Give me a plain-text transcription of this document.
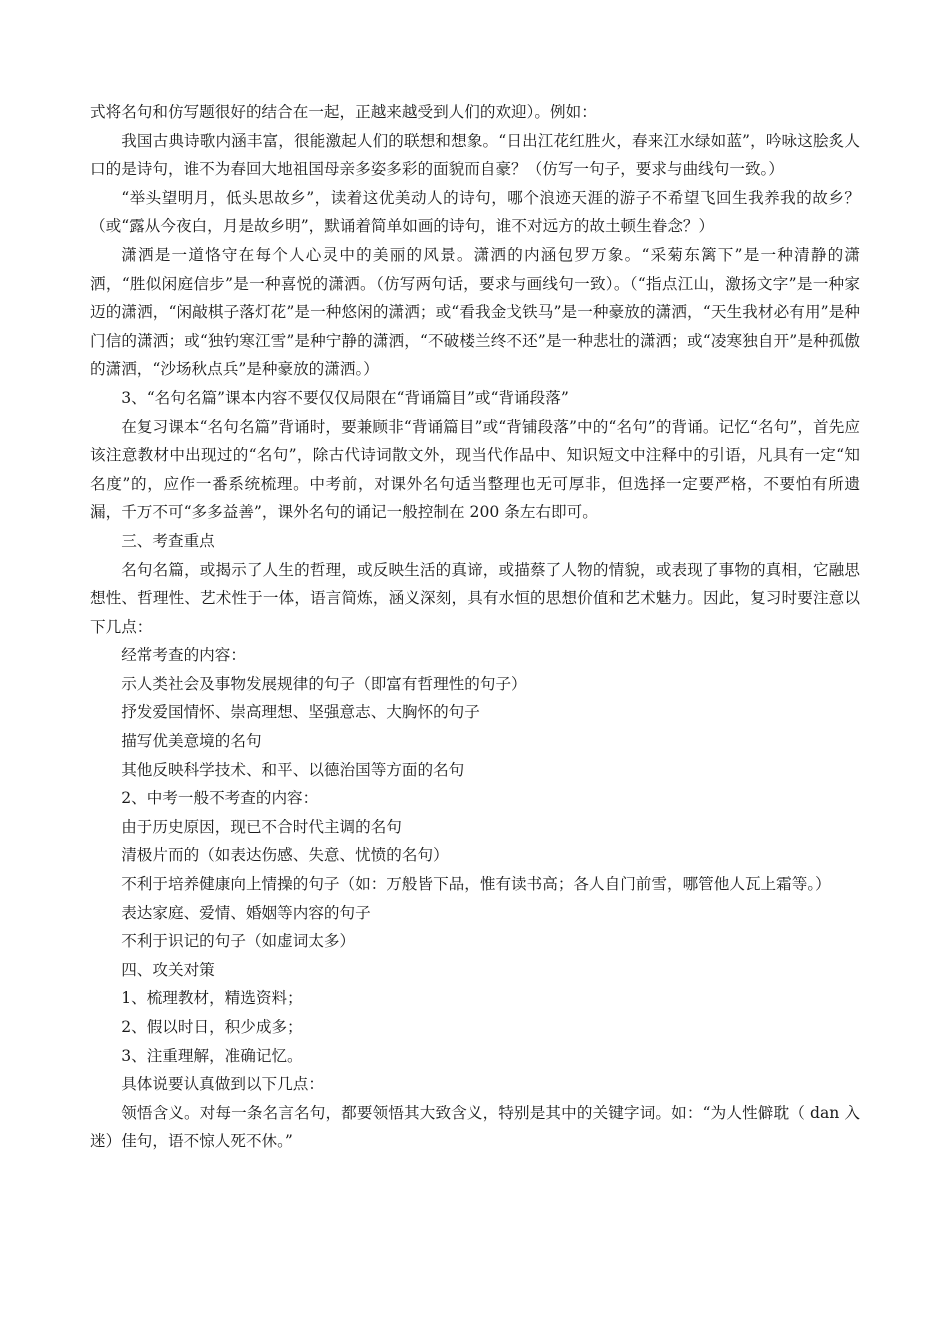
式将名句和仿写题很好的结合在一起，正越来越受到人们的欢迎）。例如：

我国古典诗歌内涵丰富，很能激起人们的联想和想象。“日出江花红胜火，春来江水绿如蓝”，吟咏这脍炙人口的是诗句，谁不为春回大地祖国母亲多姿多彩的面貌而自豪？（仿写一句子，要求与曲线句一致。）

“举头望明月，低头思故乡”，读着这优美动人的诗句，哪个浪迹天涯的游子不希望飞回生我养我的故乡？（或“露从今夜白，月是故乡明”，默诵着简单如画的诗句，谁不对远方的故土顿生眷念？）

潇洒是一道恪守在每个人心灵中的美丽的风景。潇洒的内涵包罗万象。“采菊东篱下”是一种清静的潇洒，“胜似闲庭信步”是一种喜悦的潇洒。（仿写两句话，要求与画线句一致）。（“指点江山，激扬文字”是一种家迈的潇洒，“闲敲棋子落灯花”是一种悠闲的潇洒；或“看我金戈铁马”是一种豪放的潇洒，“天生我材必有用”是种门信的潇洒；或“独钓寒江雪”是种宁静的潇洒，“不破楼兰终不还”是一种悲壮的潇洒；或“凌寒独自开”是种孤傲的潇洒，“沙场秋点兵”是种豪放的潇洒。）

3、“名句名篇”课本内容不要仅仅局限在“背诵篇目”或“背诵段落”

在复习课本“名句名篇”背诵时，要兼顾非“背诵篇目”或“背铺段落”中的“名句”的背诵。记忆“名句”，首先应该注意教材中出现过的“名句”，除古代诗词散文外，现当代作品中、知识短文中注释中的引语，凡具有一定“知名度”的，应作一番系统梳理。中考前，对课外名句适当整理也无可厚非，但选择一定要严格，不要怕有所遗漏，千万不可“多多益善”，课外名句的诵记一般控制在 200 条左右即可。

三、考查重点

名句名篇，或揭示了人生的哲理，或反映生活的真谛，或描蔡了人物的情貌，或表现了事物的真相，它融思想性、哲理性、艺术性于一体，语言简炼，涵义深刻，具有水恒的思想价值和艺术魅力。因此，复习时要注意以下几点：

经常考查的内容：

示人类社会及事物发展规律的句子（即富有哲理性的句子）

抒发爱国情怀、崇高理想、坚强意志、大胸怀的句子

描写优美意境的名句

其他反映科学技术、和平、以德治国等方面的名句

2、中考一般不考查的内容：

由于历史原因，现已不合时代主调的名句

清极片而的（如表达伤感、失意、忧愤的名句）

不利于培养健康向上情操的句子（如：万般皆下品，惟有读书高；各人自门前雪，哪管他人瓦上霜等。）

表达家庭、爱情、婚姻等内容的句子

不利于识记的句子（如虚词太多）

四、攻关对策

1、梳理教材，精选资料；

2、假以时日，积少成多；

3、注重理解，准确记忆。

具体说要认真做到以下几点：

领悟含义。对每一条名言名句，都要领悟其大致含义，特别是其中的关键字词。如：“为人性僻耽（ dan 入迷）佳句，语不惊人死不休。”
